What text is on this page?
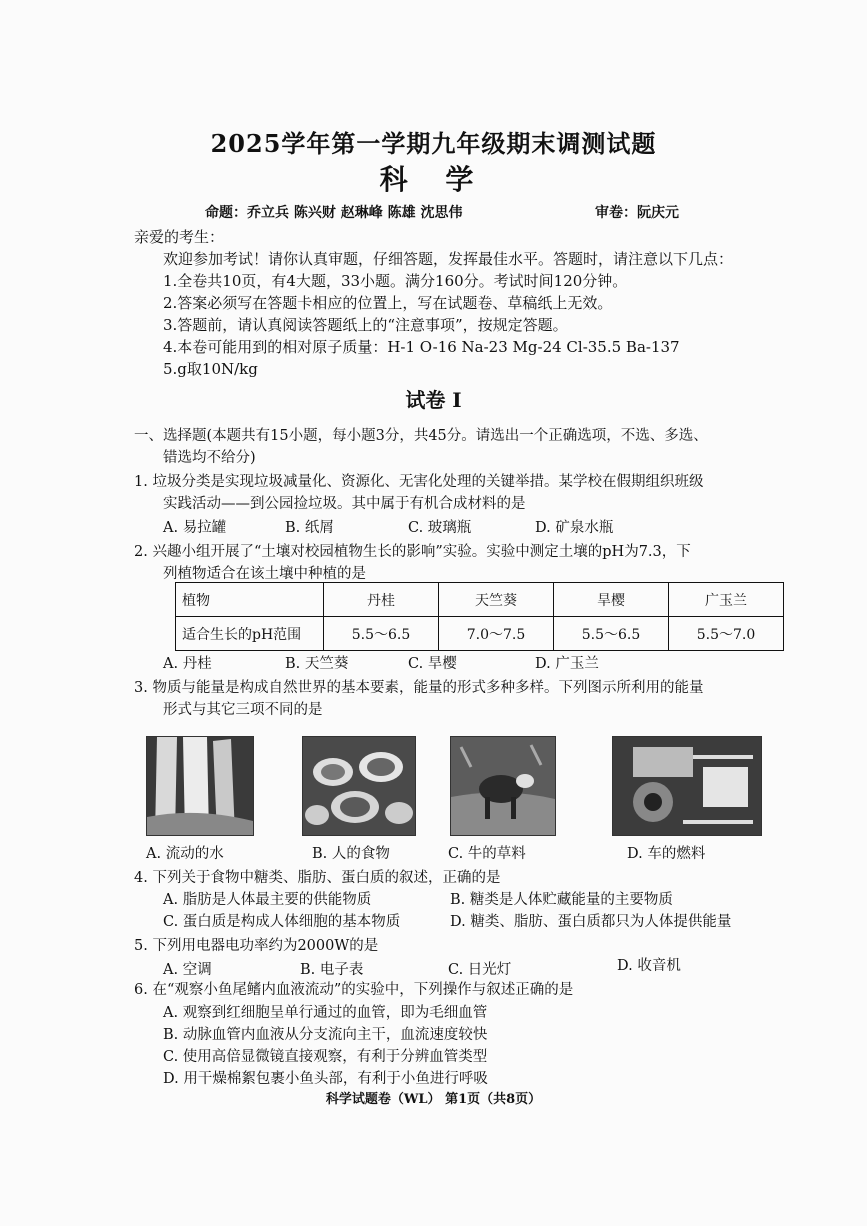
2025学年第一学期九年级期末调测试题
科 学
命题：乔立兵 陈兴财 赵琳峰 陈雄 沈思伟	审卷：阮庆元
亲爱的考生：
欢迎参加考试！请你认真审题，仔细答题，发挥最佳水平。答题时，请注意以下几点：
1.全卷共10页，有4大题，33小题。满分160分。考试时间120分钟。
2.答案必须写在答题卡相应的位置上，写在试题卷、草稿纸上无效。
3.答题前，请认真阅读答题纸上的“注意事项”，按规定答题。
4.本卷可能用到的相对原子质量：H-1 O-16 Na-23 Mg-24 Cl-35.5 Ba-137
5.g取10N/kg
试卷 I
一、选择题(本题共有15小题，每小题3分，共45分。请选出一个正确选项，不选、多选、
错选均不给分)
1. 垃圾分类是实现垃圾减量化、资源化、无害化处理的关键举措。某学校在假期组织班级
实践活动——到公园捡垃圾。其中属于有机合成材料的是
A. 易拉罐	B. 纸屑	C. 玻璃瓶	D. 矿泉水瓶
2. 兴趣小组开展了“土壤对校园植物生长的影响”实验。实验中测定土壤的pH为7.3，下
列植物适合在该土壤中种植的是
植物	丹桂	天竺葵	旱樱	广玉兰
适合生长的pH范围	5.5～6.5	7.0～7.5	5.5～6.5	5.5～7.0
A. 丹桂	B. 天竺葵	C. 旱樱	D. 广玉兰
3. 物质与能量是构成自然世界的基本要素，能量的形式多种多样。下列图示所利用的能量
形式与其它三项不同的是
A. 流动的水	B. 人的食物	C. 牛的草料	D. 车的燃料
4. 下列关于食物中糖类、脂肪、蛋白质的叙述，正确的是
A. 脂肪是人体最主要的供能物质	B. 糖类是人体贮藏能量的主要物质
C. 蛋白质是构成人体细胞的基本物质	D. 糖类、脂肪、蛋白质都只为人体提供能量
5. 下列用电器电功率约为2000W的是
A. 空调	B. 电子表	C. 日光灯	D. 收音机
6. 在“观察小鱼尾鳍内血液流动”的实验中，下列操作与叙述正确的是
A. 观察到红细胞呈单行通过的血管，即为毛细血管
B. 动脉血管内血液从分支流向主干，血流速度较快
C. 使用高倍显微镜直接观察，有利于分辨血管类型
D. 用干燥棉絮包裹小鱼头部，有利于小鱼进行呼吸
科学试题卷（WL） 第1页（共8页）
